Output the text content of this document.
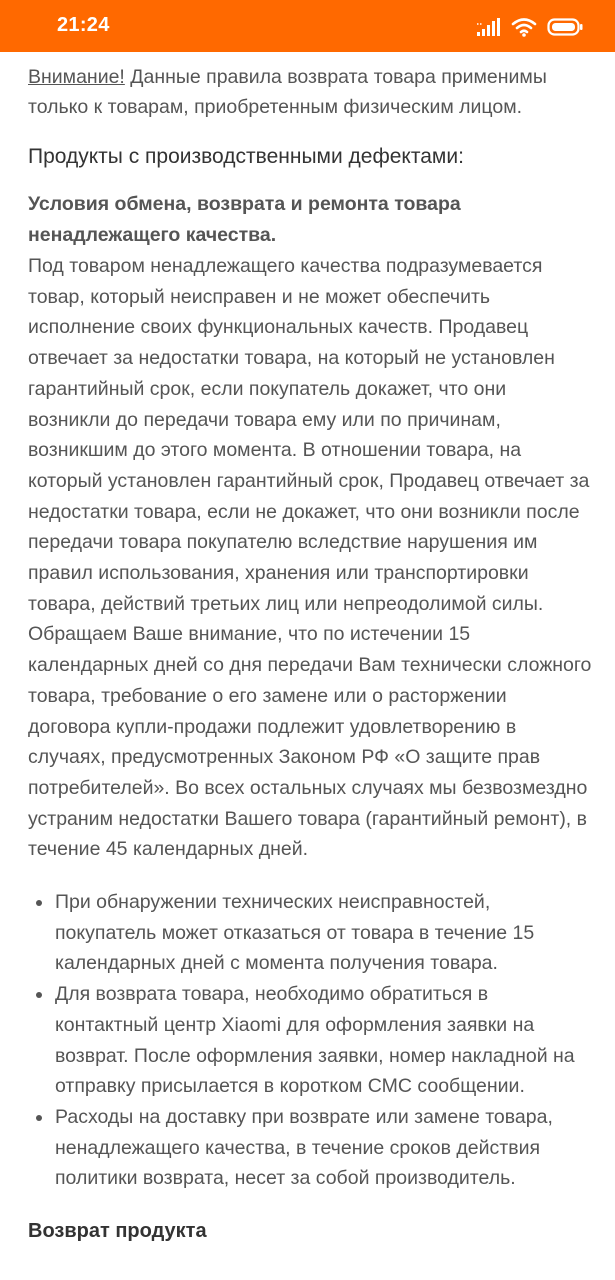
21:24

Внимание! Данные правила возврата товара применимы только к товарам, приобретенным физическим лицом.

Продукты с производственными дефектами:
Условия обмена, возврата и ремонта товара ненадлежащего качества.

Под товаром ненадлежащего качества подразумевается товар, который неисправен и не может обеспечить исполнение своих функциональных качеств. Продавец отвечает за недостатки товара, на который не установлен гарантийный срок, если покупатель докажет, что они возникли до передачи товара ему или по причинам, возникшим до этого момента. В отношении товара, на который установлен гарантийный срок, Продавец отвечает за недостатки товара, если не докажет, что они возникли после передачи товара покупателю вследствие нарушения им правил использования, хранения или транспортировки товара, действий третьих лиц или непреодолимой силы. Обращаем Ваше внимание, что по истечении 15 календарных дней со дня передачи Вам технически сложного товара, требование о его замене или о расторжении договора купли-продажи подлежит удовлетворению в случаях, предусмотренных Законом РФ «О защите прав потребителей». Во всех остальных случаях мы безвозмездно устраним недостатки Вашего товара (гарантийный ремонт), в течение 45 календарных дней.

При обнаружении технических неисправностей, покупатель может отказаться от товара в течение 15 календарных дней с момента получения товара.
Для возврата товара, необходимо обратиться в контактный центр Xiaomi для оформления заявки на возврат. После оформления заявки, номер накладной на отправку присылается в коротком СМС сообщении.
Расходы на доставку при возврате или замене товара, ненадлежащего качества, в течение сроков действия политики возврата, несет за собой производитель.
Возврат продукта
